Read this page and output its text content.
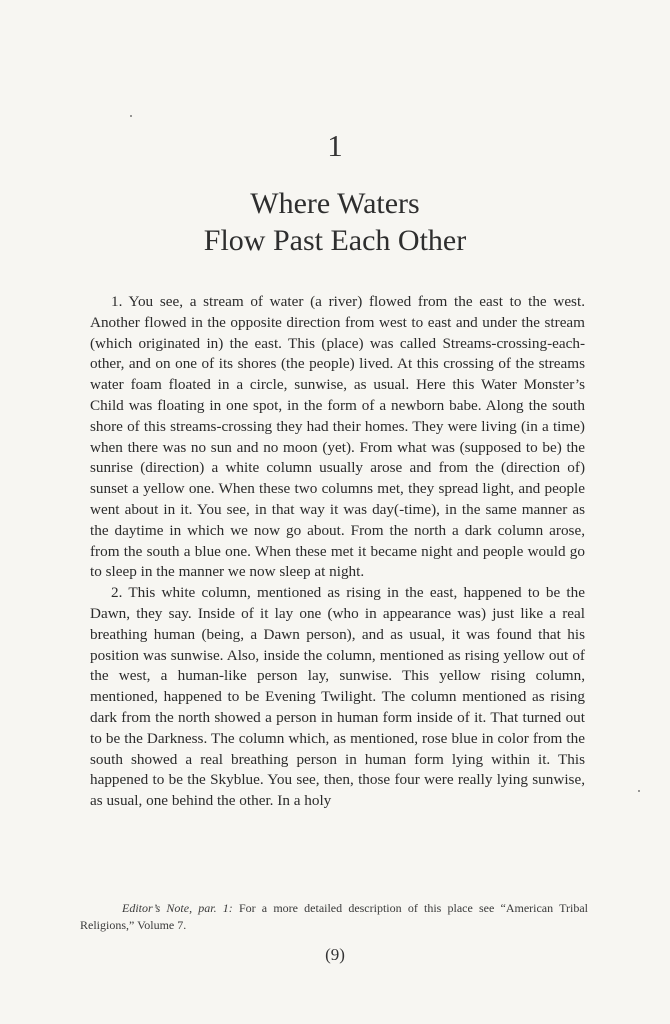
1
Where Waters
Flow Past Each Other

1. You see, a stream of water (a river) flowed from the east to the west. Another flowed in the opposite direction from west to east and under the stream (which originated in) the east. This (place) was called Streams-crossing-each-other, and on one of its shores (the people) lived. At this crossing of the streams water foam floated in a circle, sunwise, as usual. Here this Water Monster’s Child was floating in one spot, in the form of a newborn babe. Along the south shore of this streams-crossing they had their homes. They were living (in a time) when there was no sun and no moon (yet). From what was (supposed to be) the sunrise (direction) a white column usually arose and from the (direction of) sunset a yellow one. When these two columns met, they spread light, and people went about in it. You see, in that way it was day(-time), in the same manner as the daytime in which we now go about. From the north a dark column arose, from the south a blue one. When these met it became night and people would go to sleep in the manner we now sleep at night.

2. This white column, mentioned as rising in the east, happened to be the Dawn, they say. Inside of it lay one (who in appearance was) just like a real breathing human (being, a Dawn person), and as usual, it was found that his position was sunwise. Also, inside the column, mentioned as rising yellow out of the west, a human-like person lay, sunwise. This yellow rising column, mentioned, happened to be Evening Twilight. The column mentioned as rising dark from the north showed a person in human form inside of it. That turned out to be the Darkness. The column which, as mentioned, rose blue in color from the south showed a real breathing person in human form lying within it. This happened to be the Skyblue. You see, then, those four were really lying sunwise, as usual, one behind the other. In a holy

Editor’s Note, par. 1: For a more detailed description of this place see “American Tribal Religions,” Volume 7.
(9)
